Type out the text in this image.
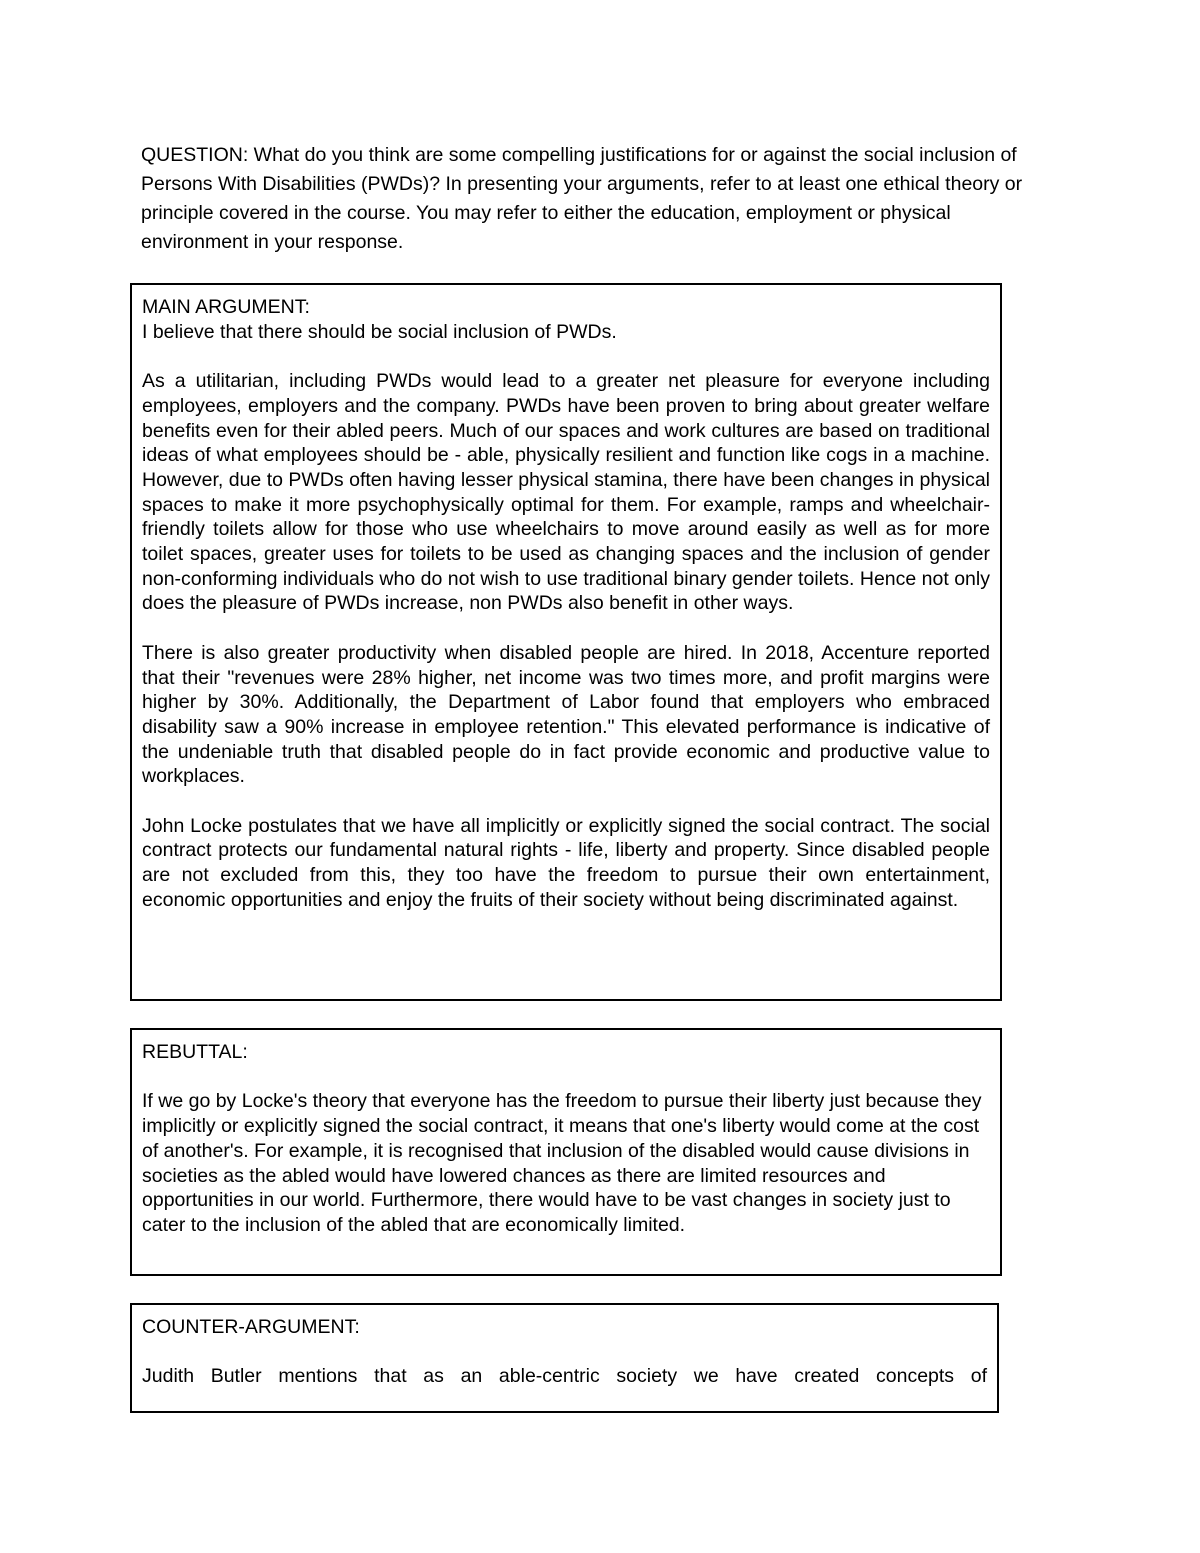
QUESTION: What do you think are some compelling justifications for or against the social inclusion of Persons With Disabilities (PWDs)? In presenting your arguments, refer to at least one ethical theory or principle covered in the course. You may refer to either the education, employment or physical environment in your response.

MAIN ARGUMENT:

I believe that there should be social inclusion of PWDs.

As a utilitarian, including PWDs would lead to a greater net pleasure for everyone including employees, employers and the company. PWDs have been proven to bring about greater welfare benefits even for their abled peers. Much of our spaces and work cultures are based on traditional ideas of what employees should be - able, physically resilient and function like cogs in a machine. However, due to PWDs often having lesser physical stamina, there have been changes in physical spaces to make it more psychophysically optimal for them. For example, ramps and wheelchair-friendly toilets allow for those who use wheelchairs to move around easily as well as for more toilet spaces, greater uses for toilets to be used as changing spaces and the inclusion of gender non-conforming individuals who do not wish to use traditional binary gender toilets. Hence not only does the pleasure of PWDs increase, non PWDs also benefit in other ways.

There is also greater productivity when disabled people are hired. In 2018, Accenture reported that their "revenues were 28% higher, net income was two times more, and profit margins were higher by 30%. Additionally, the Department of Labor found that employers who embraced disability saw a 90% increase in employee retention." This elevated performance is indicative of the undeniable truth that disabled people do in fact provide economic and productive value to workplaces.

John Locke postulates that we have all implicitly or explicitly signed the social contract. The social contract protects our fundamental natural rights - life, liberty and property. Since disabled people are not excluded from this, they too have the freedom to pursue their own entertainment, economic opportunities and enjoy the fruits of their society without being discriminated against.

REBUTTAL:

If we go by Locke's theory that everyone has the freedom to pursue their liberty just because they implicitly or explicitly signed the social contract, it means that one's liberty would come at the cost of another's. For example, it is recognised that inclusion of the disabled would cause divisions in societies as the abled would have lowered chances as there are limited resources and opportunities in our world. Furthermore, there would have to be vast changes in society just to cater to the inclusion of the abled that are economically limited.

COUNTER-ARGUMENT:

Judith Butler mentions that as an able-centric society we have created concepts of
